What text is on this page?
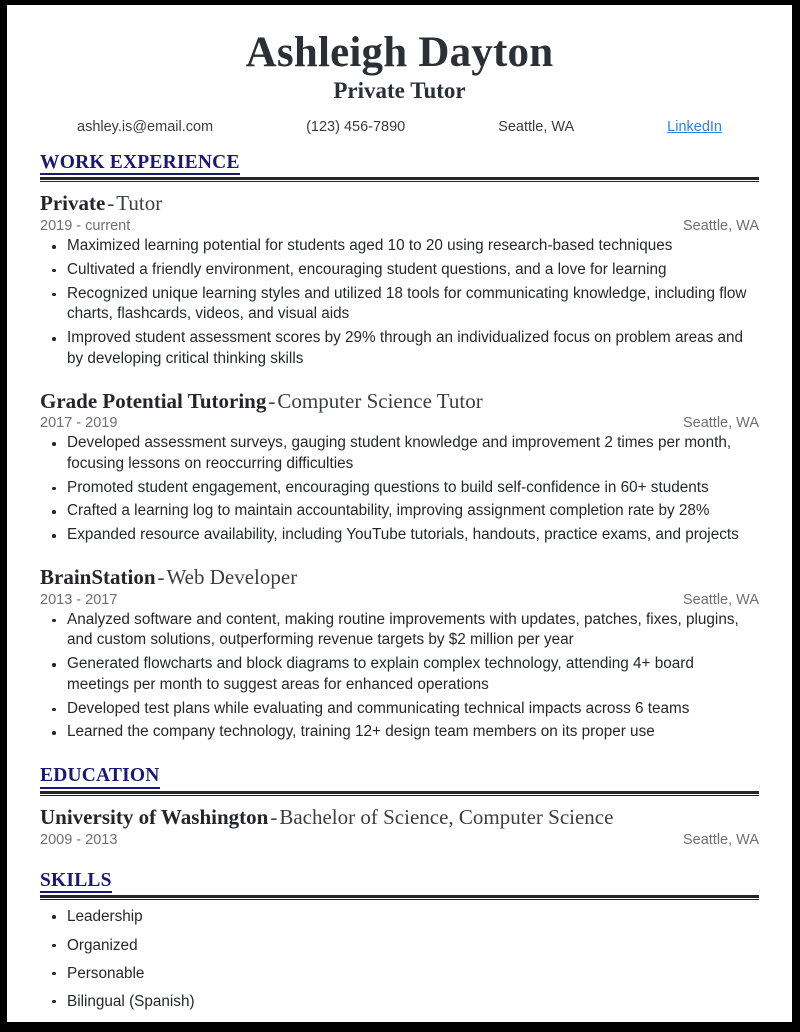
Ashleigh Dayton
Private Tutor
ashley.is@email.com	(123) 456-7890	Seattle, WA	LinkedIn
WORK EXPERIENCE
Private-Tutor
2019 - current	Seattle, WA
Maximized learning potential for students aged 10 to 20 using research-based techniques
Cultivated a friendly environment, encouraging student questions, and a love for learning
Recognized unique learning styles and utilized 18 tools for communicating knowledge, including flow charts, flashcards, videos, and visual aids
Improved student assessment scores by 29% through an individualized focus on problem areas and by developing critical thinking skills
Grade Potential Tutoring-Computer Science Tutor
2017 - 2019	Seattle, WA
Developed assessment surveys, gauging student knowledge and improvement 2 times per month, focusing lessons on reoccurring difficulties
Promoted student engagement, encouraging questions to build self-confidence in 60+ students
Crafted a learning log to maintain accountability, improving assignment completion rate by 28%
Expanded resource availability, including YouTube tutorials, handouts, practice exams, and projects
BrainStation-Web Developer
2013 - 2017	Seattle, WA
Analyzed software and content, making routine improvements with updates, patches, fixes, plugins, and custom solutions, outperforming revenue targets by $2 million per year
Generated flowcharts and block diagrams to explain complex technology, attending 4+ board meetings per month to suggest areas for enhanced operations
Developed test plans while evaluating and communicating technical impacts across 6 teams
Learned the company technology, training 12+ design team members on its proper use
EDUCATION
University of Washington-Bachelor of Science, Computer Science
2009 - 2013	Seattle, WA
SKILLS
Leadership
Organized
Personable
Bilingual (Spanish)
